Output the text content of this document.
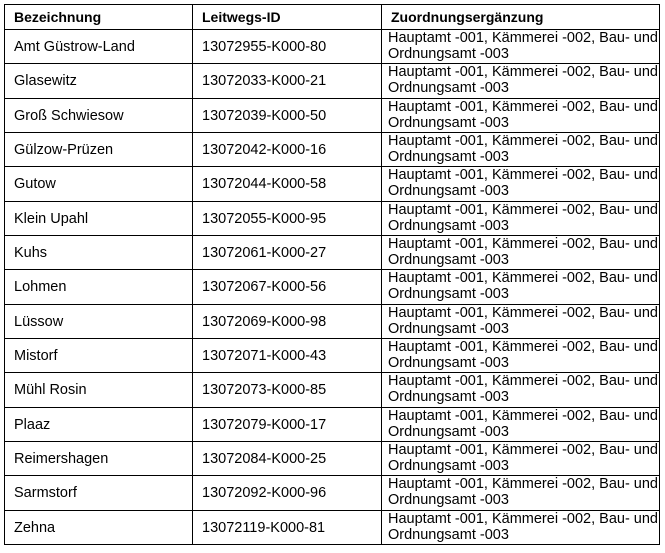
Bezeichnung	Leitwegs-ID	Zuordnungsergänzung

Amt Güstrow-Land	13072955-K000-80	Hauptamt -001, Kämmerei -002, Bau- und Ordnungsamt -003

Glasewitz	13072033-K000-21	Hauptamt -001, Kämmerei -002, Bau- und Ordnungsamt -003

Groß Schwiesow	13072039-K000-50	Hauptamt -001, Kämmerei -002, Bau- und Ordnungsamt -003

Gülzow-Prüzen	13072042-K000-16	Hauptamt -001, Kämmerei -002, Bau- und Ordnungsamt -003

Gutow	13072044-K000-58	Hauptamt -001, Kämmerei -002, Bau- und Ordnungsamt -003

Klein Upahl	13072055-K000-95	Hauptamt -001, Kämmerei -002, Bau- und Ordnungsamt -003

Kuhs	13072061-K000-27	Hauptamt -001, Kämmerei -002, Bau- und Ordnungsamt -003

Lohmen	13072067-K000-56	Hauptamt -001, Kämmerei -002, Bau- und Ordnungsamt -003

Lüssow	13072069-K000-98	Hauptamt -001, Kämmerei -002, Bau- und Ordnungsamt -003

Mistorf	13072071-K000-43	Hauptamt -001, Kämmerei -002, Bau- und Ordnungsamt -003

Mühl Rosin	13072073-K000-85	Hauptamt -001, Kämmerei -002, Bau- und Ordnungsamt -003

Plaaz	13072079-K000-17	Hauptamt -001, Kämmerei -002, Bau- und Ordnungsamt -003

Reimershagen	13072084-K000-25	Hauptamt -001, Kämmerei -002, Bau- und Ordnungsamt -003

Sarmstorf	13072092-K000-96	Hauptamt -001, Kämmerei -002, Bau- und Ordnungsamt -003

Zehna	13072119-K000-81	Hauptamt -001, Kämmerei -002, Bau- und Ordnungsamt -003
